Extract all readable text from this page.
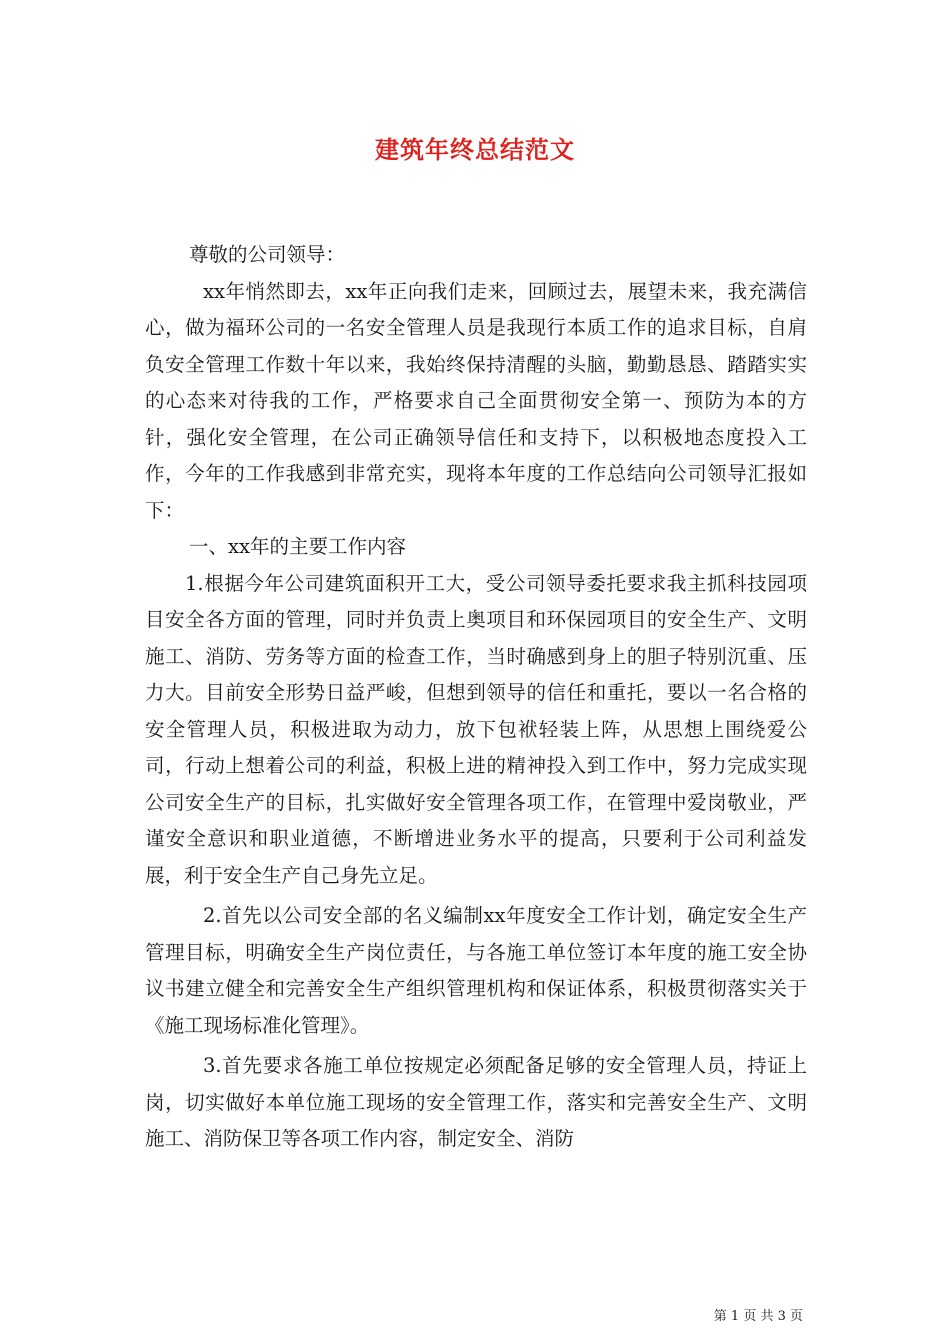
建筑年终总结范文

尊敬的公司领导：

xx年悄然即去，xx年正向我们走来，回顾过去，展望未来，我充满信心，做为福环公司的一名安全管理人员是我现行本质工作的追求目标，自肩负安全管理工作数十年以来，我始终保持清醒的头脑，勤勤恳恳、踏踏实实的心态来对待我的工作，严格要求自己全面贯彻安全第一、预防为本的方针，强化安全管理，在公司正确领导信任和支持下，以积极地态度投入工作，今年的工作我感到非常充实，现将本年度的工作总结向公司领导汇报如下：

一、xx年的主要工作内容

1.根据今年公司建筑面积开工大，受公司领导委托要求我主抓科技园项目安全各方面的管理，同时并负责上奥项目和环保园项目的安全生产、文明施工、消防、劳务等方面的检查工作，当时确感到身上的胆子特别沉重、压力大。目前安全形势日益严峻，但想到领导的信任和重托，要以一名合格的安全管理人员，积极进取为动力，放下包袱轻装上阵，从思想上围绕爱公司，行动上想着公司的利益，积极上进的精神投入到工作中，努力完成实现公司安全生产的目标，扎实做好安全管理各项工作，在管理中爱岗敬业，严谨安全意识和职业道德，不断增进业务水平的提高，只要利于公司利益发展，利于安全生产自己身先立足。

2.首先以公司安全部的名义编制xx年度安全工作计划，确定安全生产管理目标，明确安全生产岗位责任，与各施工单位签订本年度的施工安全协议书建立健全和完善安全生产组织管理机构和保证体系，积极贯彻落实关于《施工现场标准化管理》。

3.首先要求各施工单位按规定必须配备足够的安全管理人员，持证上岗，切实做好本单位施工现场的安全管理工作，落实和完善安全生产、文明施工、消防保卫等各项工作内容，制定安全、消防

第 1 页 共 3 页
